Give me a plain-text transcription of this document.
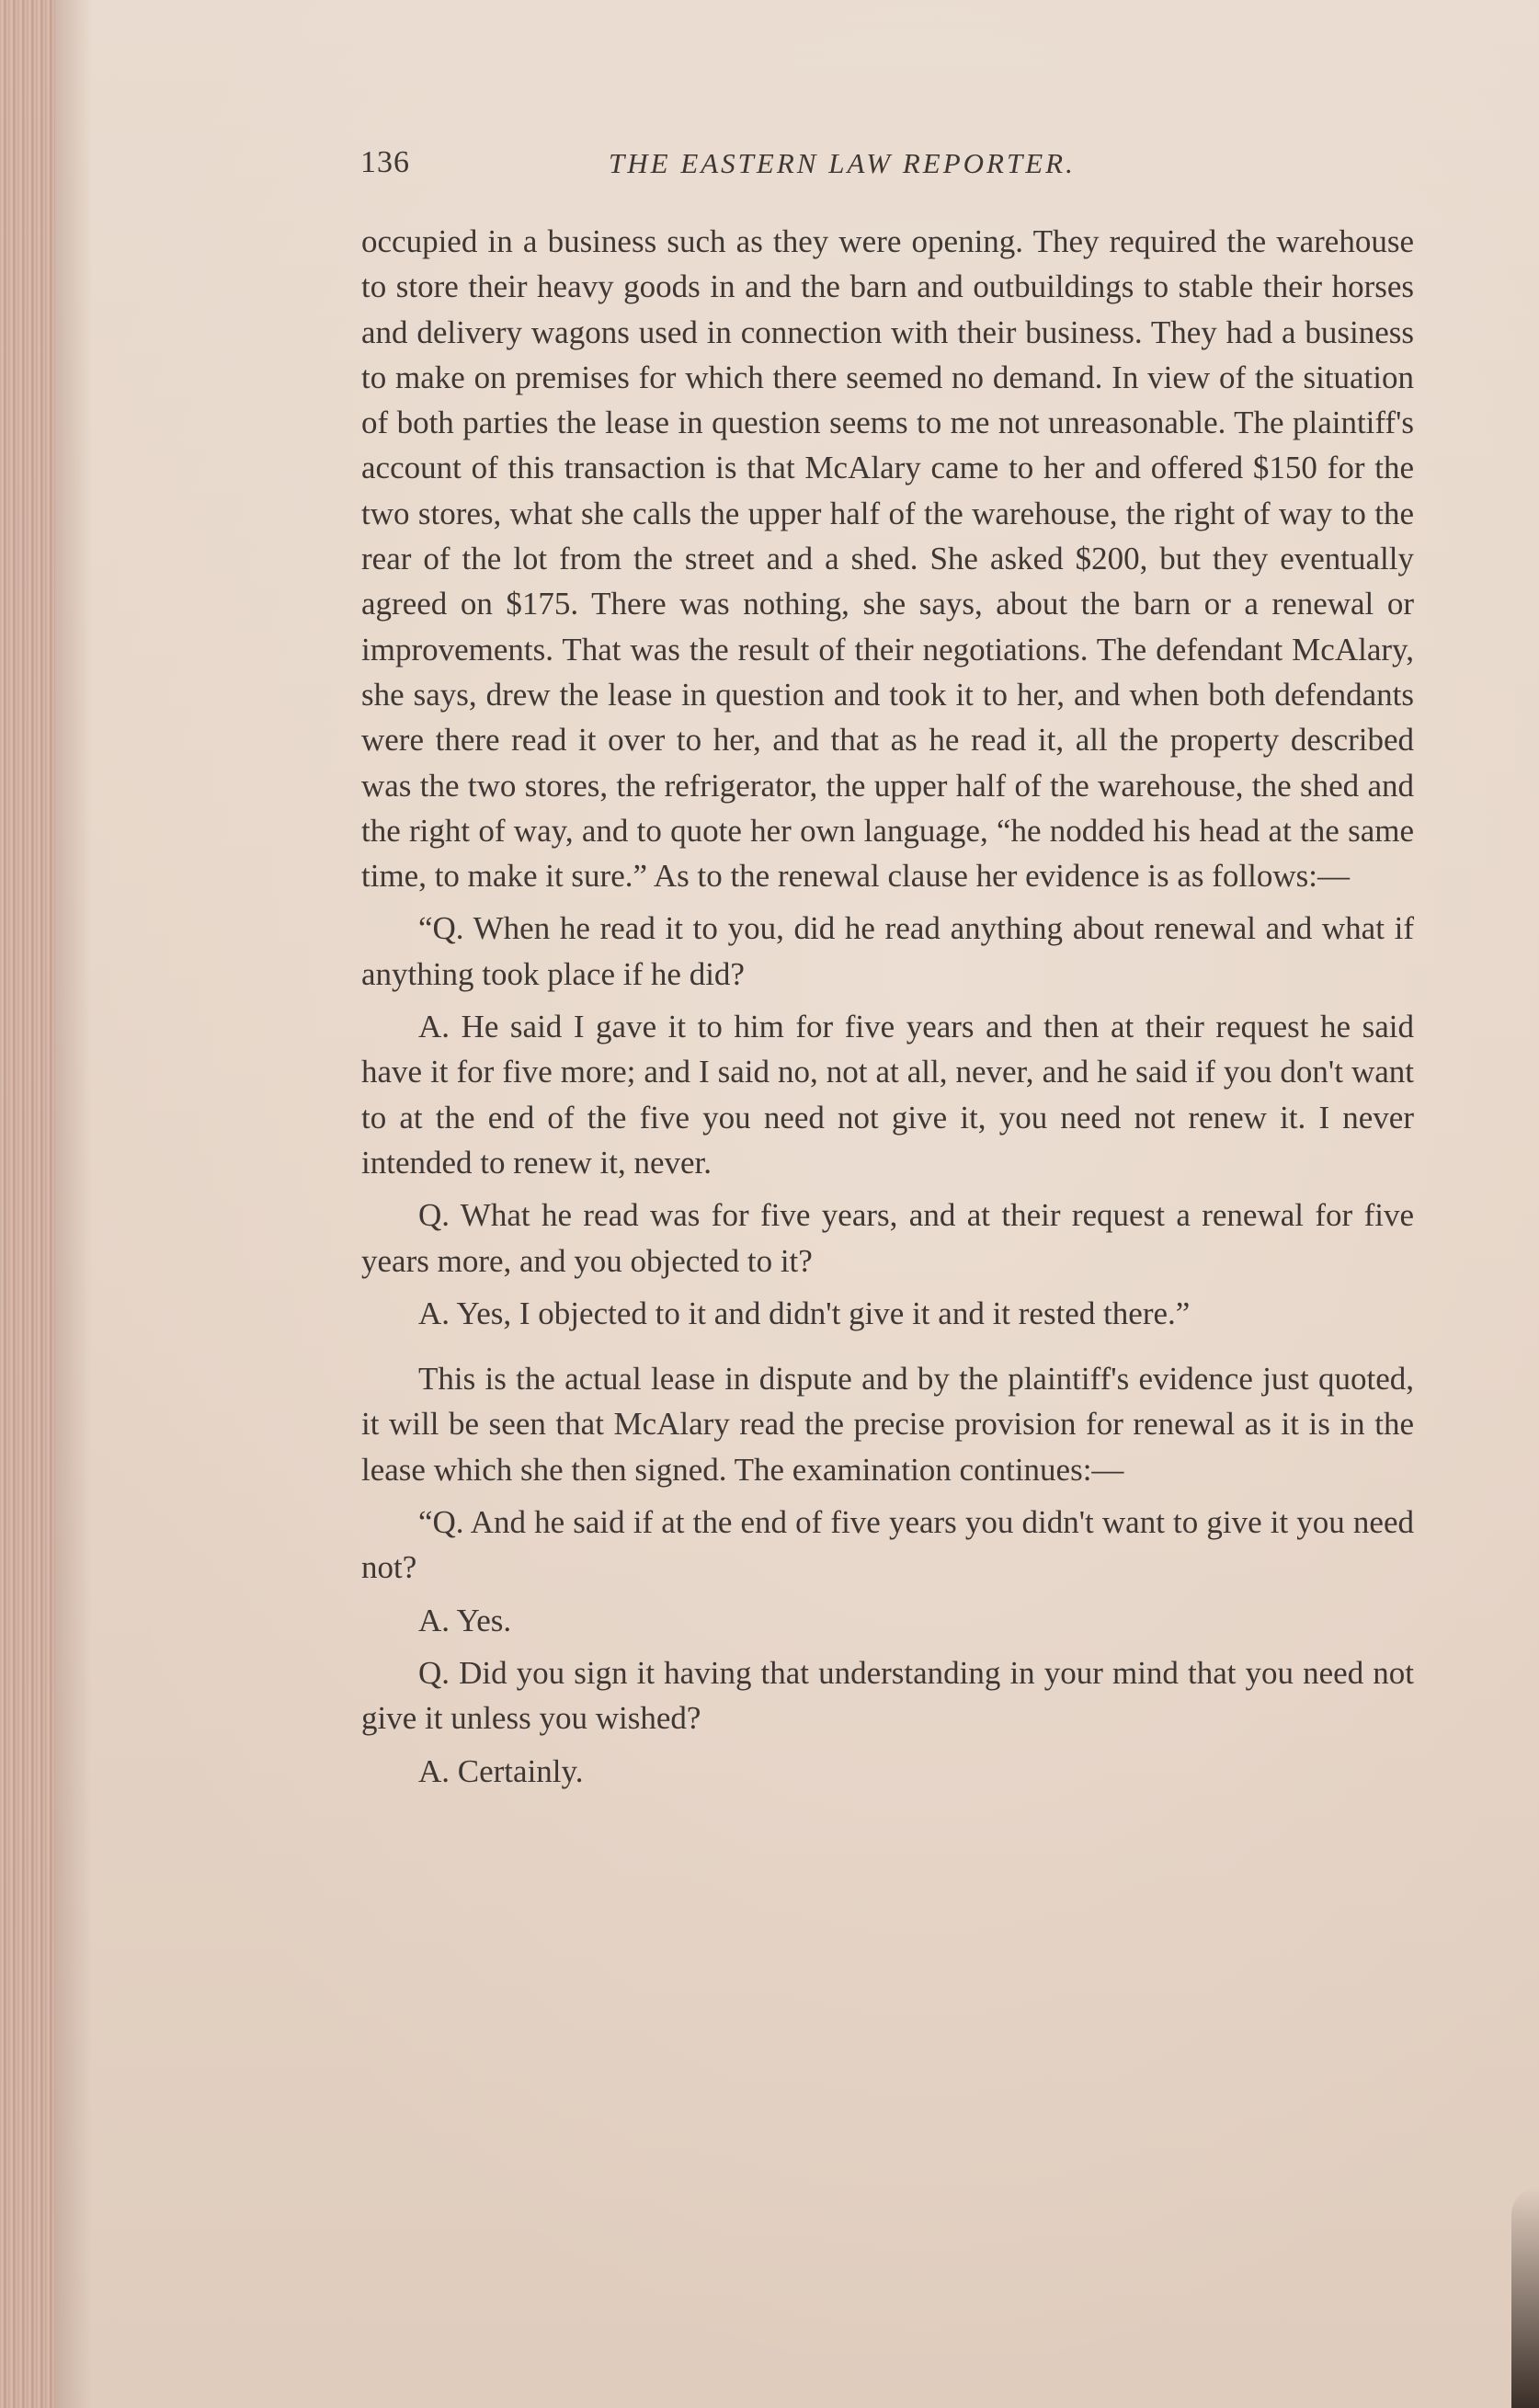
136	THE EASTERN LAW REPORTER.

occupied in a business such as they were opening. They required the warehouse to store their heavy goods in and the barn and outbuildings to stable their horses and delivery wagons used in connection with their business. They had a business to make on premises for which there seemed no demand. In view of the situation of both parties the lease in question seems to me not unreasonable. The plaintiff's account of this transaction is that McAlary came to her and offered $150 for the two stores, what she calls the upper half of the warehouse, the right of way to the rear of the lot from the street and a shed. She asked $200, but they eventually agreed on $175. There was nothing, she says, about the barn or a renewal or improvements. That was the result of their negotiations. The defendant McAlary, she says, drew the lease in question and took it to her, and when both defendants were there read it over to her, and that as he read it, all the property described was the two stores, the refrigerator, the upper half of the warehouse, the shed and the right of way, and to quote her own language, “he nodded his head at the same time, to make it sure.” As to the renewal clause her evidence is as follows:—

“Q. When he read it to you, did he read anything about renewal and what if anything took place if he did?

A. He said I gave it to him for five years and then at their request he said have it for five more; and I said no, not at all, never, and he said if you don't want to at the end of the five you need not give it, you need not renew it. I never intended to renew it, never.

Q. What he read was for five years, and at their request a renewal for five years more, and you objected to it?

A. Yes, I objected to it and didn't give it and it rested there.”

This is the actual lease in dispute and by the plaintiff's evidence just quoted, it will be seen that McAlary read the precise provision for renewal as it is in the lease which she then signed. The examination continues:—

“Q. And he said if at the end of five years you didn't want to give it you need not?

A. Yes.

Q. Did you sign it having that understanding in your mind that you need not give it unless you wished?

A. Certainly.
